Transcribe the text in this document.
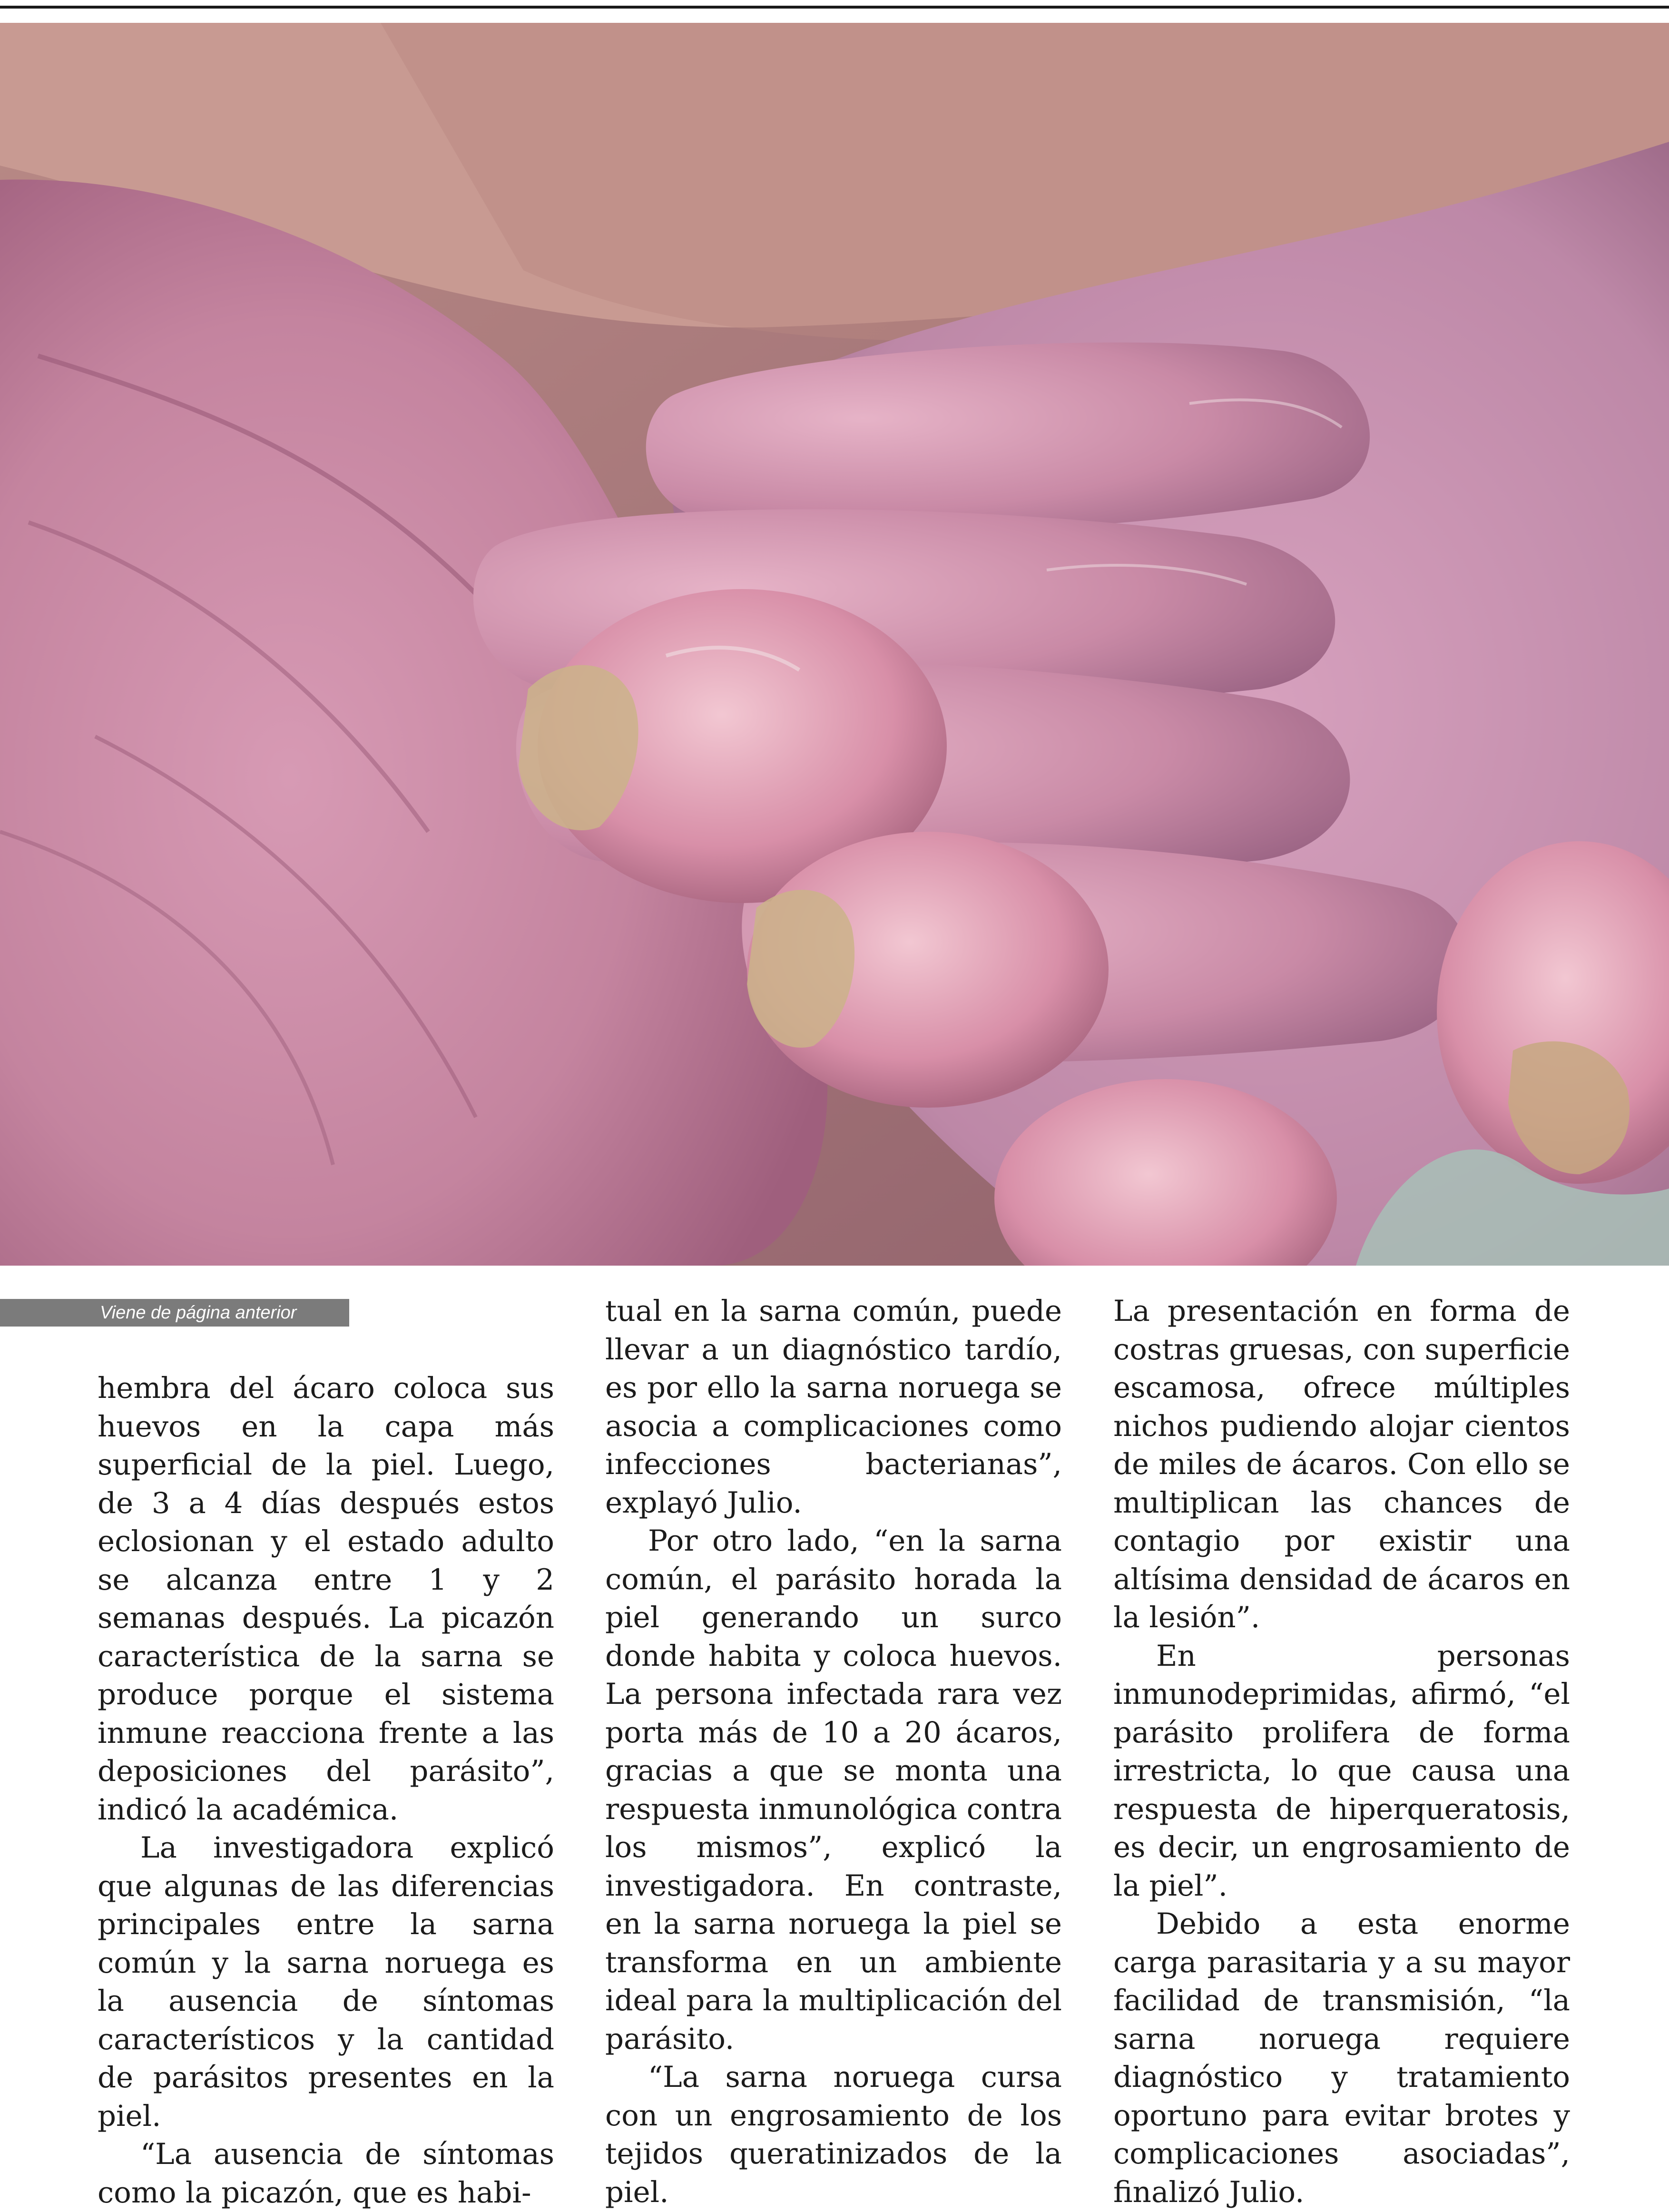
Viene de página anterior

hembra del ácaro coloca sus huevos en la capa más superficial de la piel. Luego, de 3 a 4 días después estos eclosionan y el estado adulto se alcanza entre 1 y 2 semanas después. La picazón característica de la sarna se produce porque el sistema inmune reacciona frente a las deposiciones del parásito”, indicó la académica.

La investigadora explicó que algunas de las diferencias principales entre la sarna común y la sarna noruega es la ausencia de síntomas característicos y la cantidad de parásitos presentes en la piel.

“La ausencia de síntomas como la picazón, que es habi-

tual en la sarna común, puede llevar a un diagnóstico tardío, es por ello la sarna noruega se asocia a complicaciones como infecciones bacterianas”, explayó Julio.

Por otro lado, “en la sarna común, el parásito horada la piel generando un surco donde habita y coloca huevos. La persona infectada rara vez porta más de 10 a 20 ácaros, gracias a que se monta una respuesta inmunológica contra los mismos”, explicó la investigadora. En contraste, en la sarna noruega la piel se transforma en un ambiente ideal para la multiplicación del parásito.

“La sarna noruega cursa con un engrosamiento de los tejidos queratinizados de la piel.

La presentación en forma de costras gruesas, con superficie escamosa, ofrece múltiples nichos pudiendo alojar cientos de miles de ácaros. Con ello se multiplican las chances de contagio por existir una altísima densidad de ácaros en la lesión”.

En personas inmunodeprimidas, afirmó, “el parásito prolifera de forma irrestricta, lo que causa una respuesta de hiperqueratosis, es decir, un engrosamiento de la piel”.

Debido a esta enorme carga parasitaria y a su mayor facilidad de transmisión, “la sarna noruega requiere diagnóstico y tratamiento oportuno para evitar brotes y complicaciones asociadas”, finalizó Julio.
